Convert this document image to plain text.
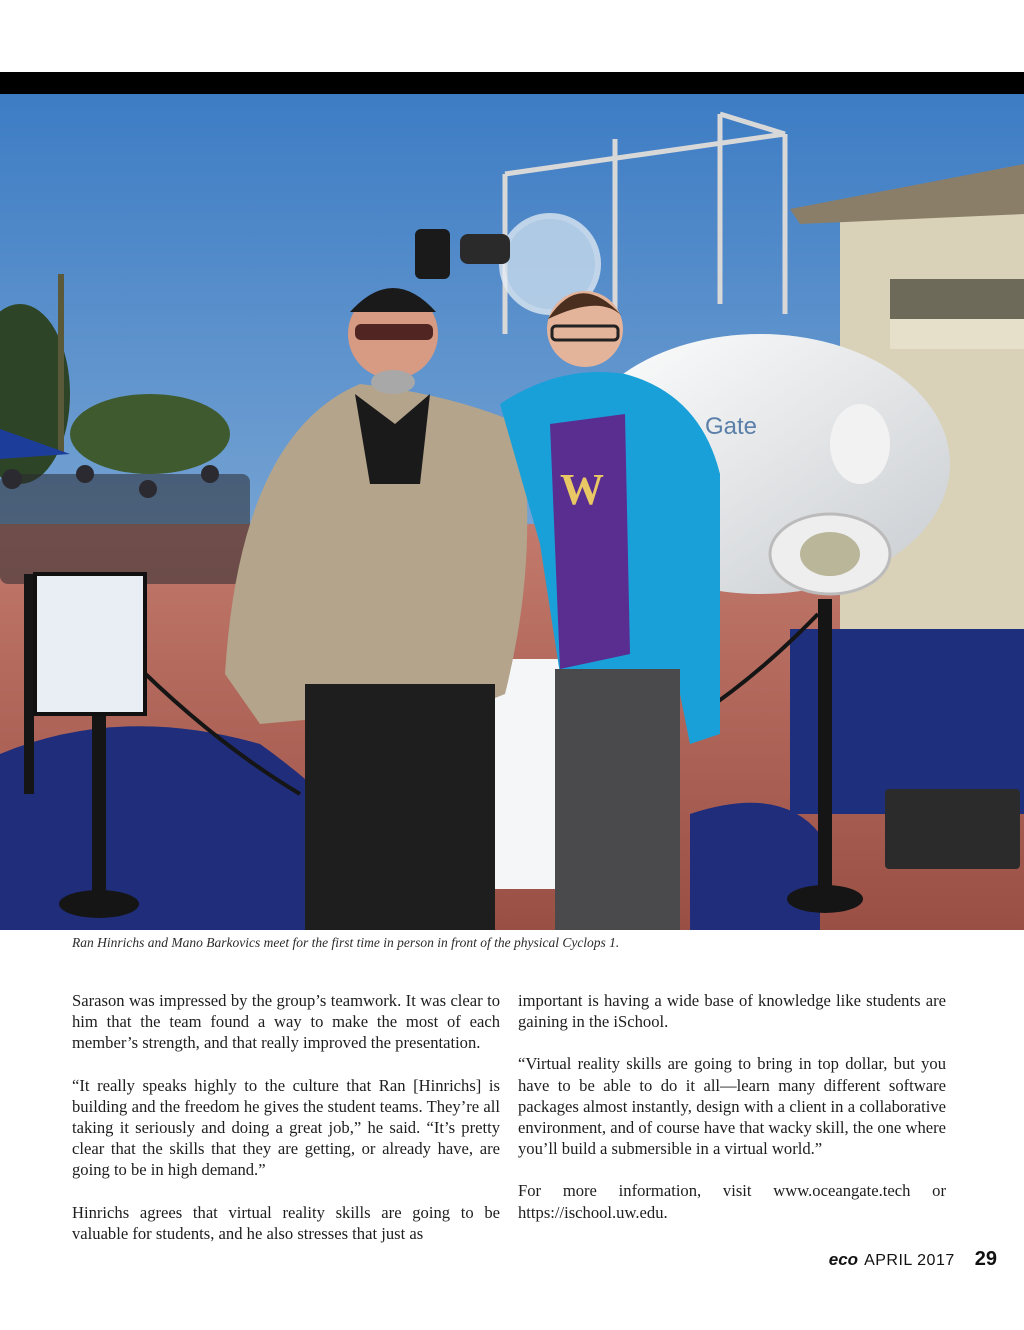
Gate
W
Ran Hinrichs and Mano Barkovics meet for the first time in person in front of the physical Cyclops 1.

Sarason was impressed by the group’s teamwork. It was clear to him that the team found a way to make the most of each member’s strength, and that really improved the presentation.

“It really speaks highly to the culture that Ran [Hinrichs] is building and the freedom he gives the student teams. They’re all taking it seriously and doing a great job,” he said. “It’s pretty clear that the skills that they are getting, or already have, are going to be in high demand.”

Hinrichs agrees that virtual reality skills are going to be valuable for students, and he also stresses that just as

important is having a wide base of knowledge like students are gaining in the iSchool.

“Virtual reality skills are going to bring in top dollar, but you have to be able to do it all—learn many different software packages almost instantly, design with a client in a collaborative environment, and of course have that wacky skill, the one where you’ll build a submersible in a virtual world.”

For more information, visit www.oceangate.tech or https://ischool.uw.edu.

eco APRIL 2017 29
